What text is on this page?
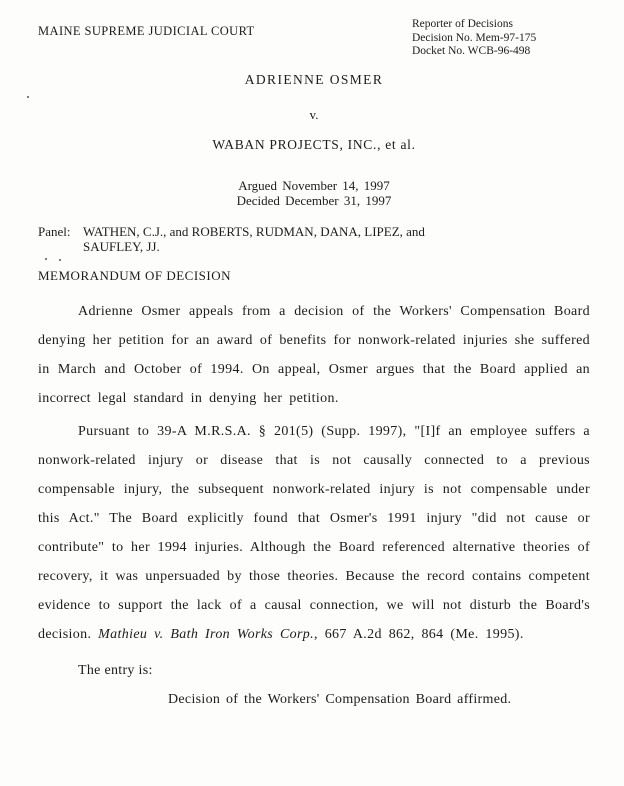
MAINE SUPREME JUDICIAL COURT	Reporter of Decisions
Decision No. Mem-97-175
Docket No. WCB-96-498
ADRIENNE OSMER
v.
WABAN PROJECTS, INC., et al.
Argued November 14, 1997
Decided December 31, 1997
Panel: WATHEN, C.J., and ROBERTS, RUDMAN, DANA, LIPEZ, and
SAUFLEY, JJ.
MEMORANDUM OF DECISION

Adrienne Osmer appeals from a decision of the Workers' Compensation Board denying her petition for an award of benefits for nonwork-related injuries she suffered in March and October of 1994. On appeal, Osmer argues that the Board applied an incorrect legal standard in denying her petition.

Pursuant to 39-A M.R.S.A. § 201(5) (Supp. 1997), "[I]f an employee suffers a nonwork-related injury or disease that is not causally connected to a previous compensable injury, the subsequent nonwork-related injury is not compensable under this Act." The Board explicitly found that Osmer's 1991 injury "did not cause or contribute" to her 1994 injuries. Although the Board referenced alternative theories of recovery, it was unpersuaded by those theories. Because the record contains competent evidence to support the lack of a causal connection, we will not disturb the Board's decision. Mathieu v. Bath Iron Works Corp., 667 A.2d 862, 864 (Me. 1995).

The entry is:

Decision of the Workers' Compensation Board affirmed.
